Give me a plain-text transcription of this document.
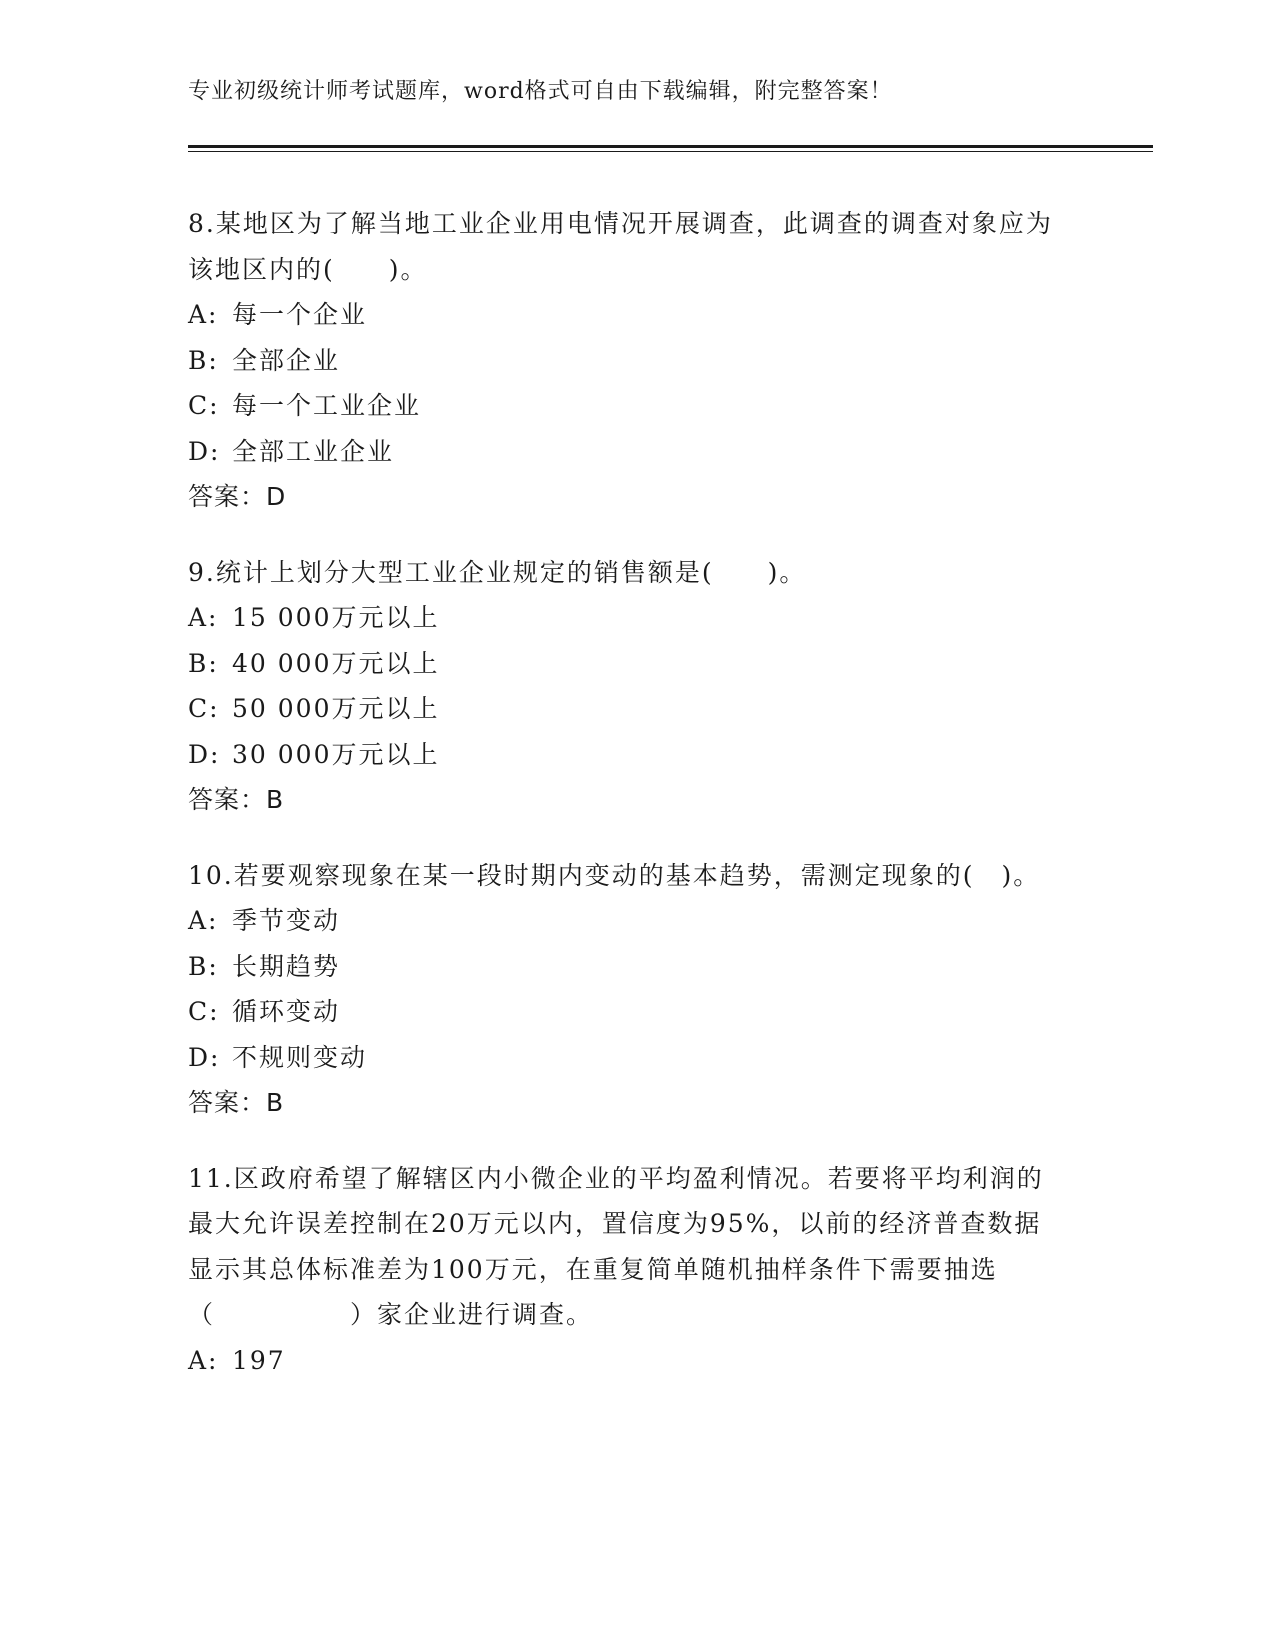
专业初级统计师考试题库，word格式可自由下载编辑，附完整答案！
8.某地区为了解当地工业企业用电情况开展调查，此调查的调查对象应为该地区内的(　　)。
A: 每一个企业
B: 全部企业
C: 每一个工业企业
D: 全部工业企业
答案：D
9.统计上划分大型工业企业规定的销售额是(　　)。
A: 15 000万元以上
B: 40 000万元以上
C: 50 000万元以上
D: 30 000万元以上
答案：B
10.若要观察现象在某一段时期内变动的基本趋势，需测定现象的(　)。
A: 季节变动
B: 长期趋势
C: 循环变动
D: 不规则变动
答案：B
11.区政府希望了解辖区内小微企业的平均盈利情况。若要将平均利润的最大允许误差控制在20万元以内，置信度为95%，以前的经济普查数据显示其总体标准差为100万元，在重复简单随机抽样条件下需要抽选（　　　　　）家企业进行调查。
A: 197
